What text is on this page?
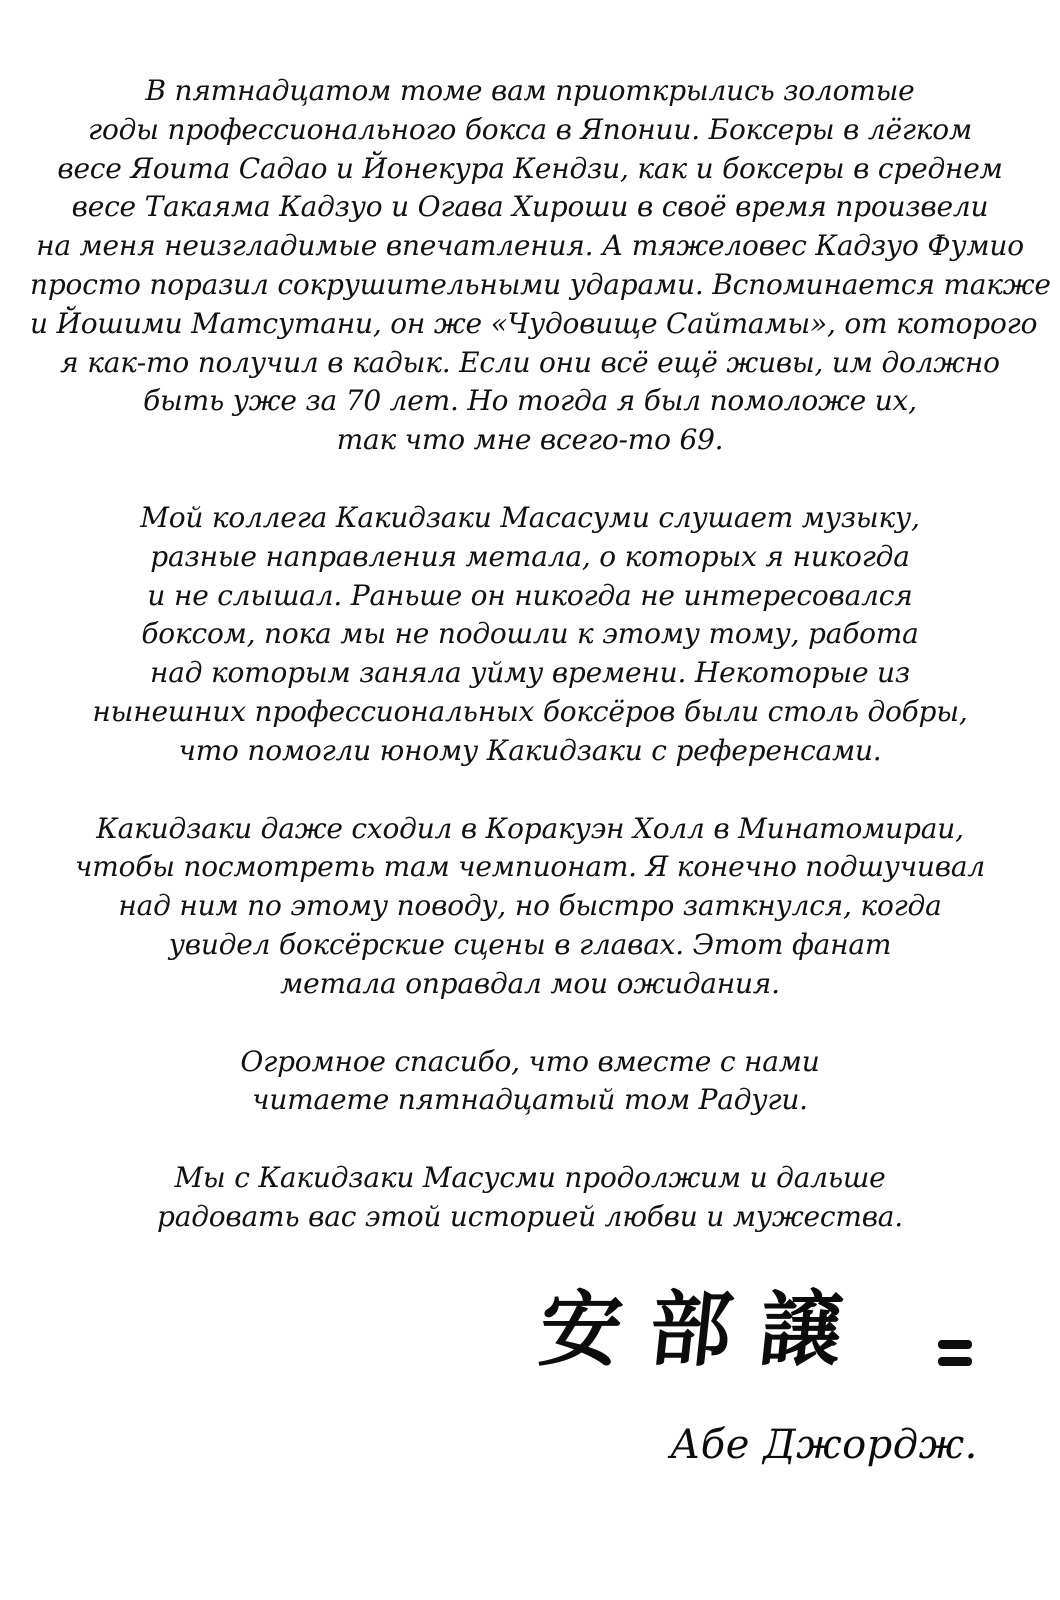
В пятнадцатом томе вам приоткрылись золотые
годы профессионального бокса в Японии. Боксеры в лёгком
весе Яоита Садао и Йонекура Кендзи, как и боксеры в среднем
весе Такаяма Кадзуо и Огава Хироши в своё время произвели
на меня неизгладимые впечатления. А тяжеловес Кадзуо Фумио
просто поразил сокрушительными ударами. Вспоминается также
и Йошими Матсутани, он же «Чудовище Сайтамы», от которого
я как-то получил в кадык. Если они всё ещё живы, им должно
быть уже за 70 лет. Но тогда я был помоложе их,
так что мне всего-то 69.
Мой коллега Какидзаки Масасуми слушает музыку,
разные направления метала, о которых я никогда
и не слышал. Раньше он никогда не интересовался
боксом, пока мы не подошли к этому тому, работа
над которым заняла уйму времени. Некоторые из
нынешних профессиональных боксёров были столь добры,
что помогли юному Какидзаки с референсами.
Какидзаки даже сходил в Коракуэн Холл в Минатомираи,
чтобы посмотреть там чемпионат. Я конечно подшучивал
над ним по этому поводу, но быстро заткнулся, когда
увидел боксёрские сцены в главах. Этот фанат
метала оправдал мои ожидания.
Огромное спасибо, что вместе с нами
читаете пятнадцатый том Радуги.
Мы с Какидзаки Масусми продолжим и дальше
радовать вас этой историей любви и мужества.
安部譲
Абе Джордж.
